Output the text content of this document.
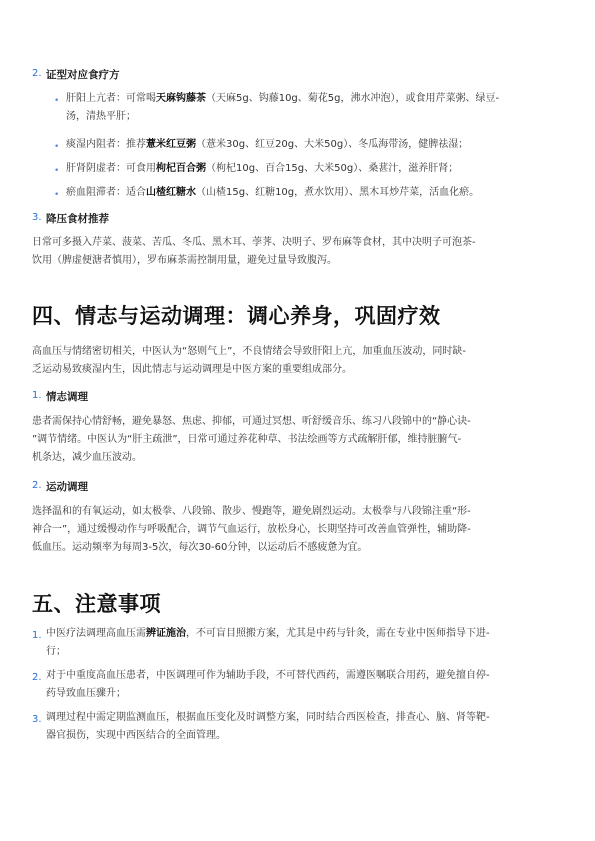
2. 证型对应食疗方
• 肝阳上亢者：可常喝天麻钩藤茶（天麻5g、钩藤10g、菊花5g，沸水冲泡），或食用芹菜粥、绿豆-
汤，清热平肝；
• 痰湿内阻者：推荐薏米红豆粥（薏米30g、红豆20g、大米50g）、冬瓜海带汤，健脾祛湿；
• 肝肾阴虚者：可食用枸杞百合粥（枸杞10g、百合15g、大米50g）、桑葚汁，滋养肝肾；
• 瘀血阻滞者：适合山楂红糖水（山楂15g、红糖10g，煮水饮用）、黑木耳炒芹菜，活血化瘀。
3. 降压食材推荐
日常可多摄入芹菜、菠菜、苦瓜、冬瓜、黑木耳、荸荠、决明子、罗布麻等食材，其中决明子可泡茶-
饮用（脾虚便溏者慎用），罗布麻茶需控制用量，避免过量导致腹泻。
四、情志与运动调理：调心养身，巩固疗效
高血压与情绪密切相关，中医认为“怒则气上”，不良情绪会导致肝阳上亢，加重血压波动，同时缺-
乏运动易致痰湿内生，因此情志与运动调理是中医方案的重要组成部分。
1. 情志调理
患者需保持心情舒畅，避免暴怒、焦虑、抑郁，可通过冥想、听舒缓音乐、练习八段锦中的“静心诀-
”调节情绪。中医认为“肝主疏泄”，日常可通过养花种草、书法绘画等方式疏解肝郁，维持脏腑气-
机条达，减少血压波动。
2. 运动调理
选择温和的有氧运动，如太极拳、八段锦、散步、慢跑等，避免剧烈运动。太极拳与八段锦注重“形-
神合一”，通过缓慢动作与呼吸配合，调节气血运行，放松身心，长期坚持可改善血管弹性，辅助降-
低血压。运动频率为每周3-5次，每次30-60分钟，以运动后不感疲惫为宜。
五、注意事项
1. 中医疗法调理高血压需辨证施治，不可盲目照搬方案，尤其是中药与针灸，需在专业中医师指导下进-
行；
2. 对于中重度高血压患者，中医调理可作为辅助手段，不可替代西药，需遵医嘱联合用药，避免擅自停-
药导致血压骤升；
3. 调理过程中需定期监测血压，根据血压变化及时调整方案，同时结合西医检查，排查心、脑、肾等靶-
器官损伤，实现中西医结合的全面管理。
